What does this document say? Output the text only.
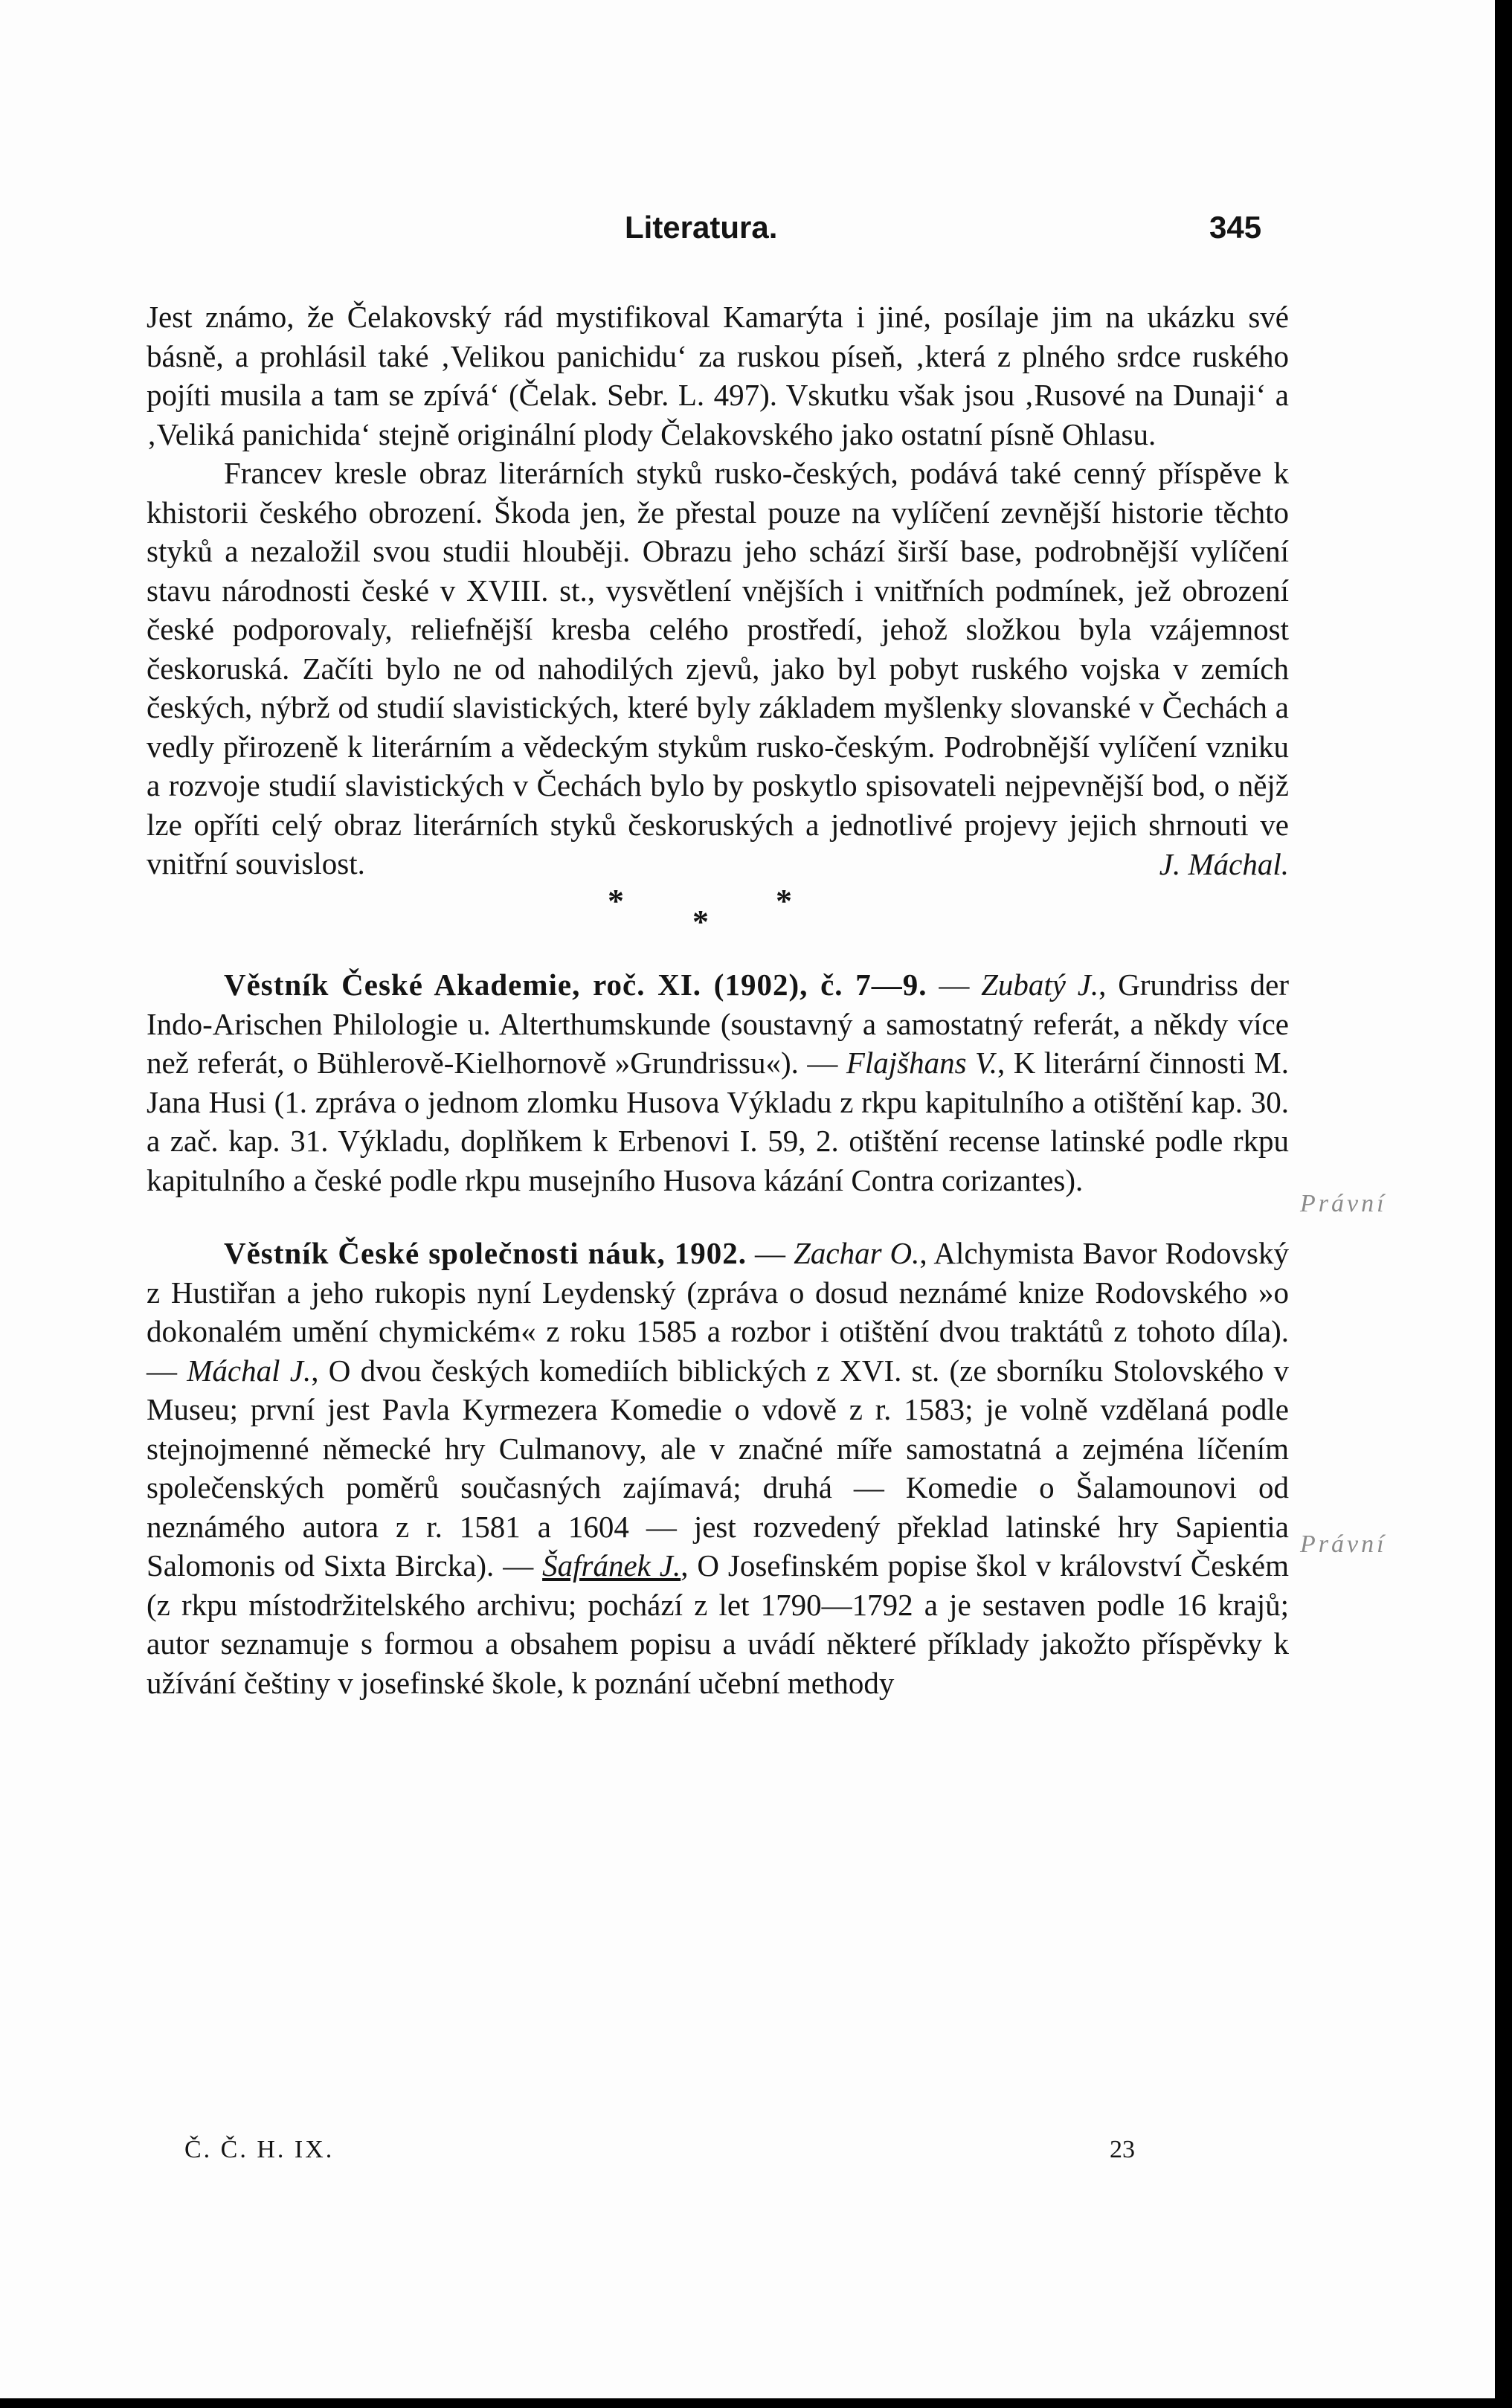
Literatura.	345

Jest známo, že Čelakovský rád mystifikoval Kamarýta i jiné, posílaje jim na ukázku své básně, a prohlásil také ‚Velikou panichidu‘ za ruskou píseň, ‚která z plného srdce ruského pojíti musila a tam se zpívá‘ (Čelak. Sebr. L. 497). Vskutku však jsou ‚Rusové na Dunaji‘ a ‚Veliká panichida‘ stejně originální plody Čelakovského jako ostatní písně Ohlasu.

Francev kresle obraz literárních styků rusko-českých, podává také cenný příspěve k khistorii českého obrození. Škoda jen, že přestal pouze na vylíčení zevnější historie těchto styků a nezaložil svou studii hlouběji. Obrazu jeho schází širší base, podrobnější vylíčení stavu národnosti české v XVIII. st., vysvětlení vnějších i vnitřních podmínek, jež obrození české podporovaly, reliefnější kresba celého prostředí, jehož složkou byla vzájemnost českoruská. Začíti bylo ne od nahodilých zjevů, jako byl pobyt ruského vojska v zemích českých, nýbrž od studií slavistických, které byly základem myšlenky slovanské v Čechách a vedly přirozeně k literárním a vědeckým stykům rusko-českým. Podrobnější vylíčení vzniku a rozvoje studií slavistických v Čechách bylo by poskytlo spisovateli nejpevnější bod, o nějž lze opříti celý obraz literárních styků českoruských a jednotlivé projevy jejich shrnouti ve vnitřní souvislost.	J. Máchal.

*	*
*

Věstník České Akademie, roč. XI. (1902), č. 7—9. — Zubatý J., Grundriss der Indo-Arischen Philologie u. Alterthumskunde (soustavný a samostatný referát, a někdy více než referát, o Bühlerově-Kielhornově »Grundrissu«). — Flajšhans V., K literární činnosti M. Jana Husi (1. zpráva o jednom zlomku Husova Výkladu z rkpu kapitulního a otištění kap. 30. a zač. kap. 31. Výkladu, doplňkem k Erbenovi I. 59, 2. otištění recense latinské podle rkpu kapitulního a české podle rkpu musejního Husova kázání Contra corizantes).

Věstník České společnosti náuk, 1902. — Zachar O., Alchymista Bavor Rodovský z Hustiřan a jeho rukopis nyní Leydenský (zpráva o dosud neznámé knize Rodovského »o dokonalém umění chymickém« z roku 1585 a rozbor i otištění dvou traktátů z tohoto díla). — Máchal J., O dvou českých komediích biblických z XVI. st. (ze sborníku Stolovského v Museu; první jest Pavla Kyrmezera Komedie o vdově z r. 1583; je volně vzdělaná podle stejnojmenné německé hry Culmanovy, ale v značné míře samostatná a zejména líčením společenských poměrů současných zajímavá; druhá — Komedie o Šalamounovi od neznámého autora z r. 1581 a 1604 — jest rozvedený překlad latinské hry Sapientia Salomonis od Sixta Bircka). — Šafránek J., O Josefinském popise škol v království Českém (z rkpu místodržitelského archivu; pochází z let 1790—1792 a je sestaven podle 16 krajů; autor seznamuje s formou a obsahem popisu a uvádí některé příklady jakožto příspěvky k užívání češtiny v josefinské škole, k poznání učební methody

Právní
Právní
Č. Č. H. IX.	23
